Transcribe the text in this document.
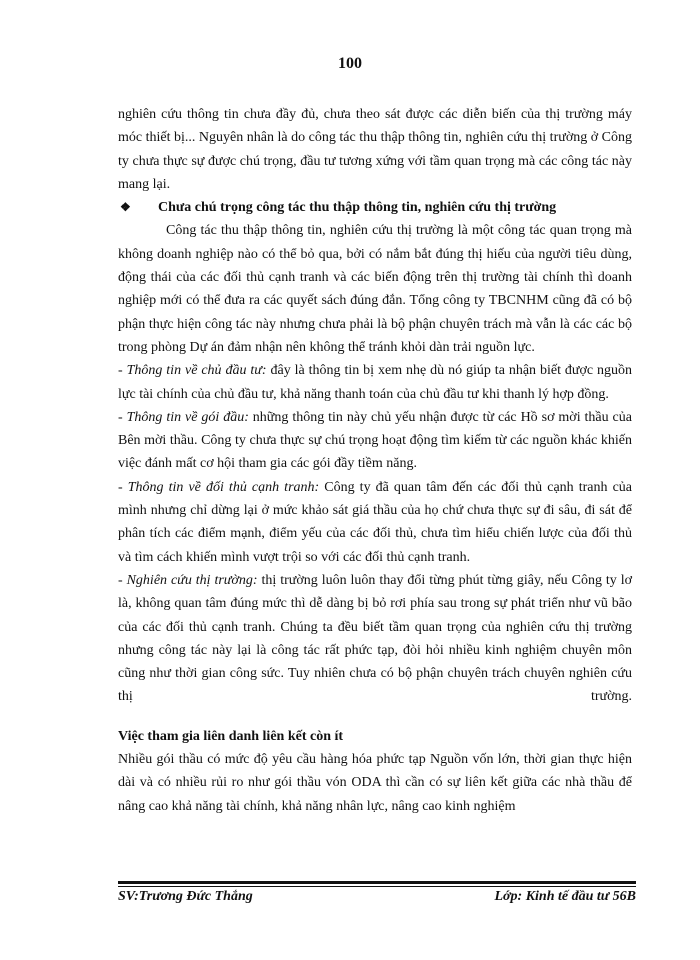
100

nghiên cứu thông tin chưa đầy đủ, chưa theo sát được các diễn biến của thị trường máy móc thiết bị... Nguyên nhân là do công tác thu thập thông tin, nghiên cứu thị trường ở Công ty chưa thực sự được chú trọng, đầu tư tương xứng với tầm quan trọng mà các công tác này mang lại.

❖	Chưa chú trọng công tác thu thập thông tin, nghiên cứu thị trường

Công tác thu thập thông tin, nghiên cứu thị trường là một công tác quan trọng mà không doanh nghiệp nào có thể bỏ qua, bởi có nắm bắt đúng thị hiếu của người tiêu dùng, động thái của các đối thủ cạnh tranh và các biến động trên thị trường tài chính thì doanh nghiệp mới có thể đưa ra các quyết sách đúng đắn. Tổng công ty TBCNHM cũng đã có bộ phận thực hiện công tác này nhưng chưa phải là bộ phận chuyên trách mà vẫn là các các bộ trong phòng Dự án đảm nhận nên không thể tránh khỏi dàn trải nguồn lực.

- Thông tin về chủ đầu tư: đây là thông tin bị xem nhẹ dù nó giúp ta nhận biết được nguồn lực tài chính của chủ đầu tư, khả năng thanh toán của chủ đầu tư khi thanh lý hợp đồng.

- Thông tin về gói đầu: những thông tin này chủ yếu nhận được từ các Hồ sơ mời thầu của Bên mời thầu. Công ty chưa thực sự chú trọng hoạt động tìm kiếm từ các nguồn khác khiến việc đánh mất cơ hội tham gia các gói đầy tiềm năng.

- Thông tin về đối thủ cạnh tranh: Công ty đã quan tâm đến các đối thủ cạnh tranh của mình nhưng chỉ dừng lại ở mức khảo sát giá thầu của họ chứ chưa thực sự đi sâu, đi sát để phân tích các điểm mạnh, điểm yếu của các đối thủ, chưa tìm hiểu chiến lược của đối thủ và tìm cách khiến mình vượt trội so với các đối thủ cạnh tranh.

- Nghiên cứu thị trường: thị trường luôn luôn thay đổi từng phút từng giây, nếu Công ty lơ là, không quan tâm đúng mức thì dễ dàng bị bỏ rơi phía sau trong sự phát triển như vũ bão của các đối thủ cạnh tranh. Chúng ta đều biết tầm quan trọng của nghiên cứu thị trường nhưng công tác này lại là công tác rất phức tạp, đòi hỏi nhiều kinh nghiệm chuyên môn cũng như thời gian công sức. Tuy nhiên chưa có bộ phận chuyên trách chuyên nghiên cứu thị trường.

Việc tham gia liên danh liên kết còn ít

Nhiều gói thầu có mức độ yêu cầu hàng hóa phức tạp Nguồn vốn lớn, thời gian thực hiện dài và có nhiều rủi ro như gói thầu vón ODA thì cần có sự liên kết giữa các nhà thầu để nâng cao khả năng tài chính, khả năng nhân lực, nâng cao kinh nghiệm

SV:Trương Đức Thắng	Lớp: Kinh tế đầu tư 56B
